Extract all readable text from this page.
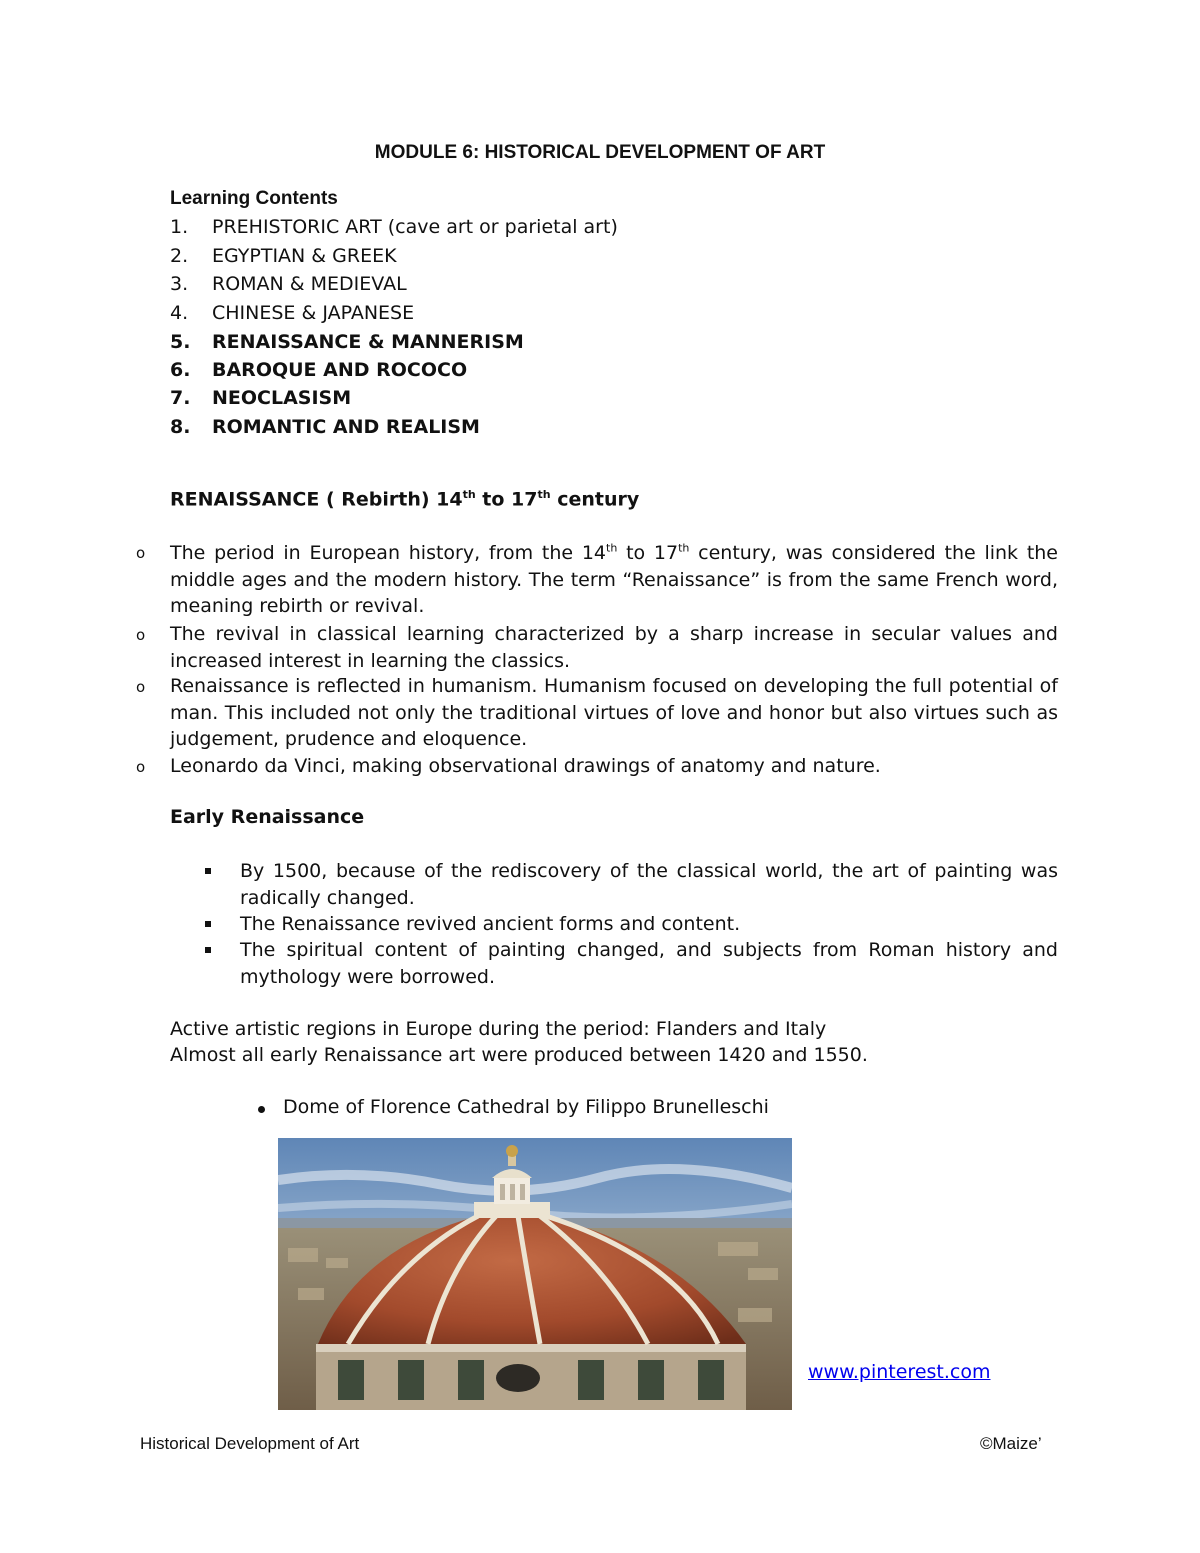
MODULE 6: HISTORICAL DEVELOPMENT OF ART
Learning Contents
1. PREHISTORIC ART (cave art or parietal art)
2. EGYPTIAN & GREEK
3. ROMAN & MEDIEVAL
4. CHINESE & JAPANESE
5. RENAISSANCE & MANNERISM
6. BAROQUE AND ROCOCO
7. NEOCLASISM
8. ROMANTIC AND REALISM
RENAISSANCE ( Rebirth) 14th to 17th century
o The period in European history, from the 14th to 17th century, was considered the link the middle ages and the modern history. The term “Renaissance” is from the same French word, meaning rebirth or revival.
o The revival in classical learning characterized by a sharp increase in secular values and increased interest in learning the classics.
o Renaissance is reflected in humanism. Humanism focused on developing the full potential of man. This included not only the traditional virtues of love and honor but also virtues such as judgement, prudence and eloquence.
o Leonardo da Vinci, making observational drawings of anatomy and nature.
Early Renaissance
By 1500, because of the rediscovery of the classical world, the art of painting was radically changed.
The Renaissance revived ancient forms and content.
The spiritual content of painting changed, and subjects from Roman history and mythology were borrowed.
Active artistic regions in Europe during the period: Flanders and Italy
Almost all early Renaissance art were produced between 1420 and 1550.
Dome of Florence Cathedral by Filippo Brunelleschi
www.pinterest.com
Historical Development of Art	©Maize’
